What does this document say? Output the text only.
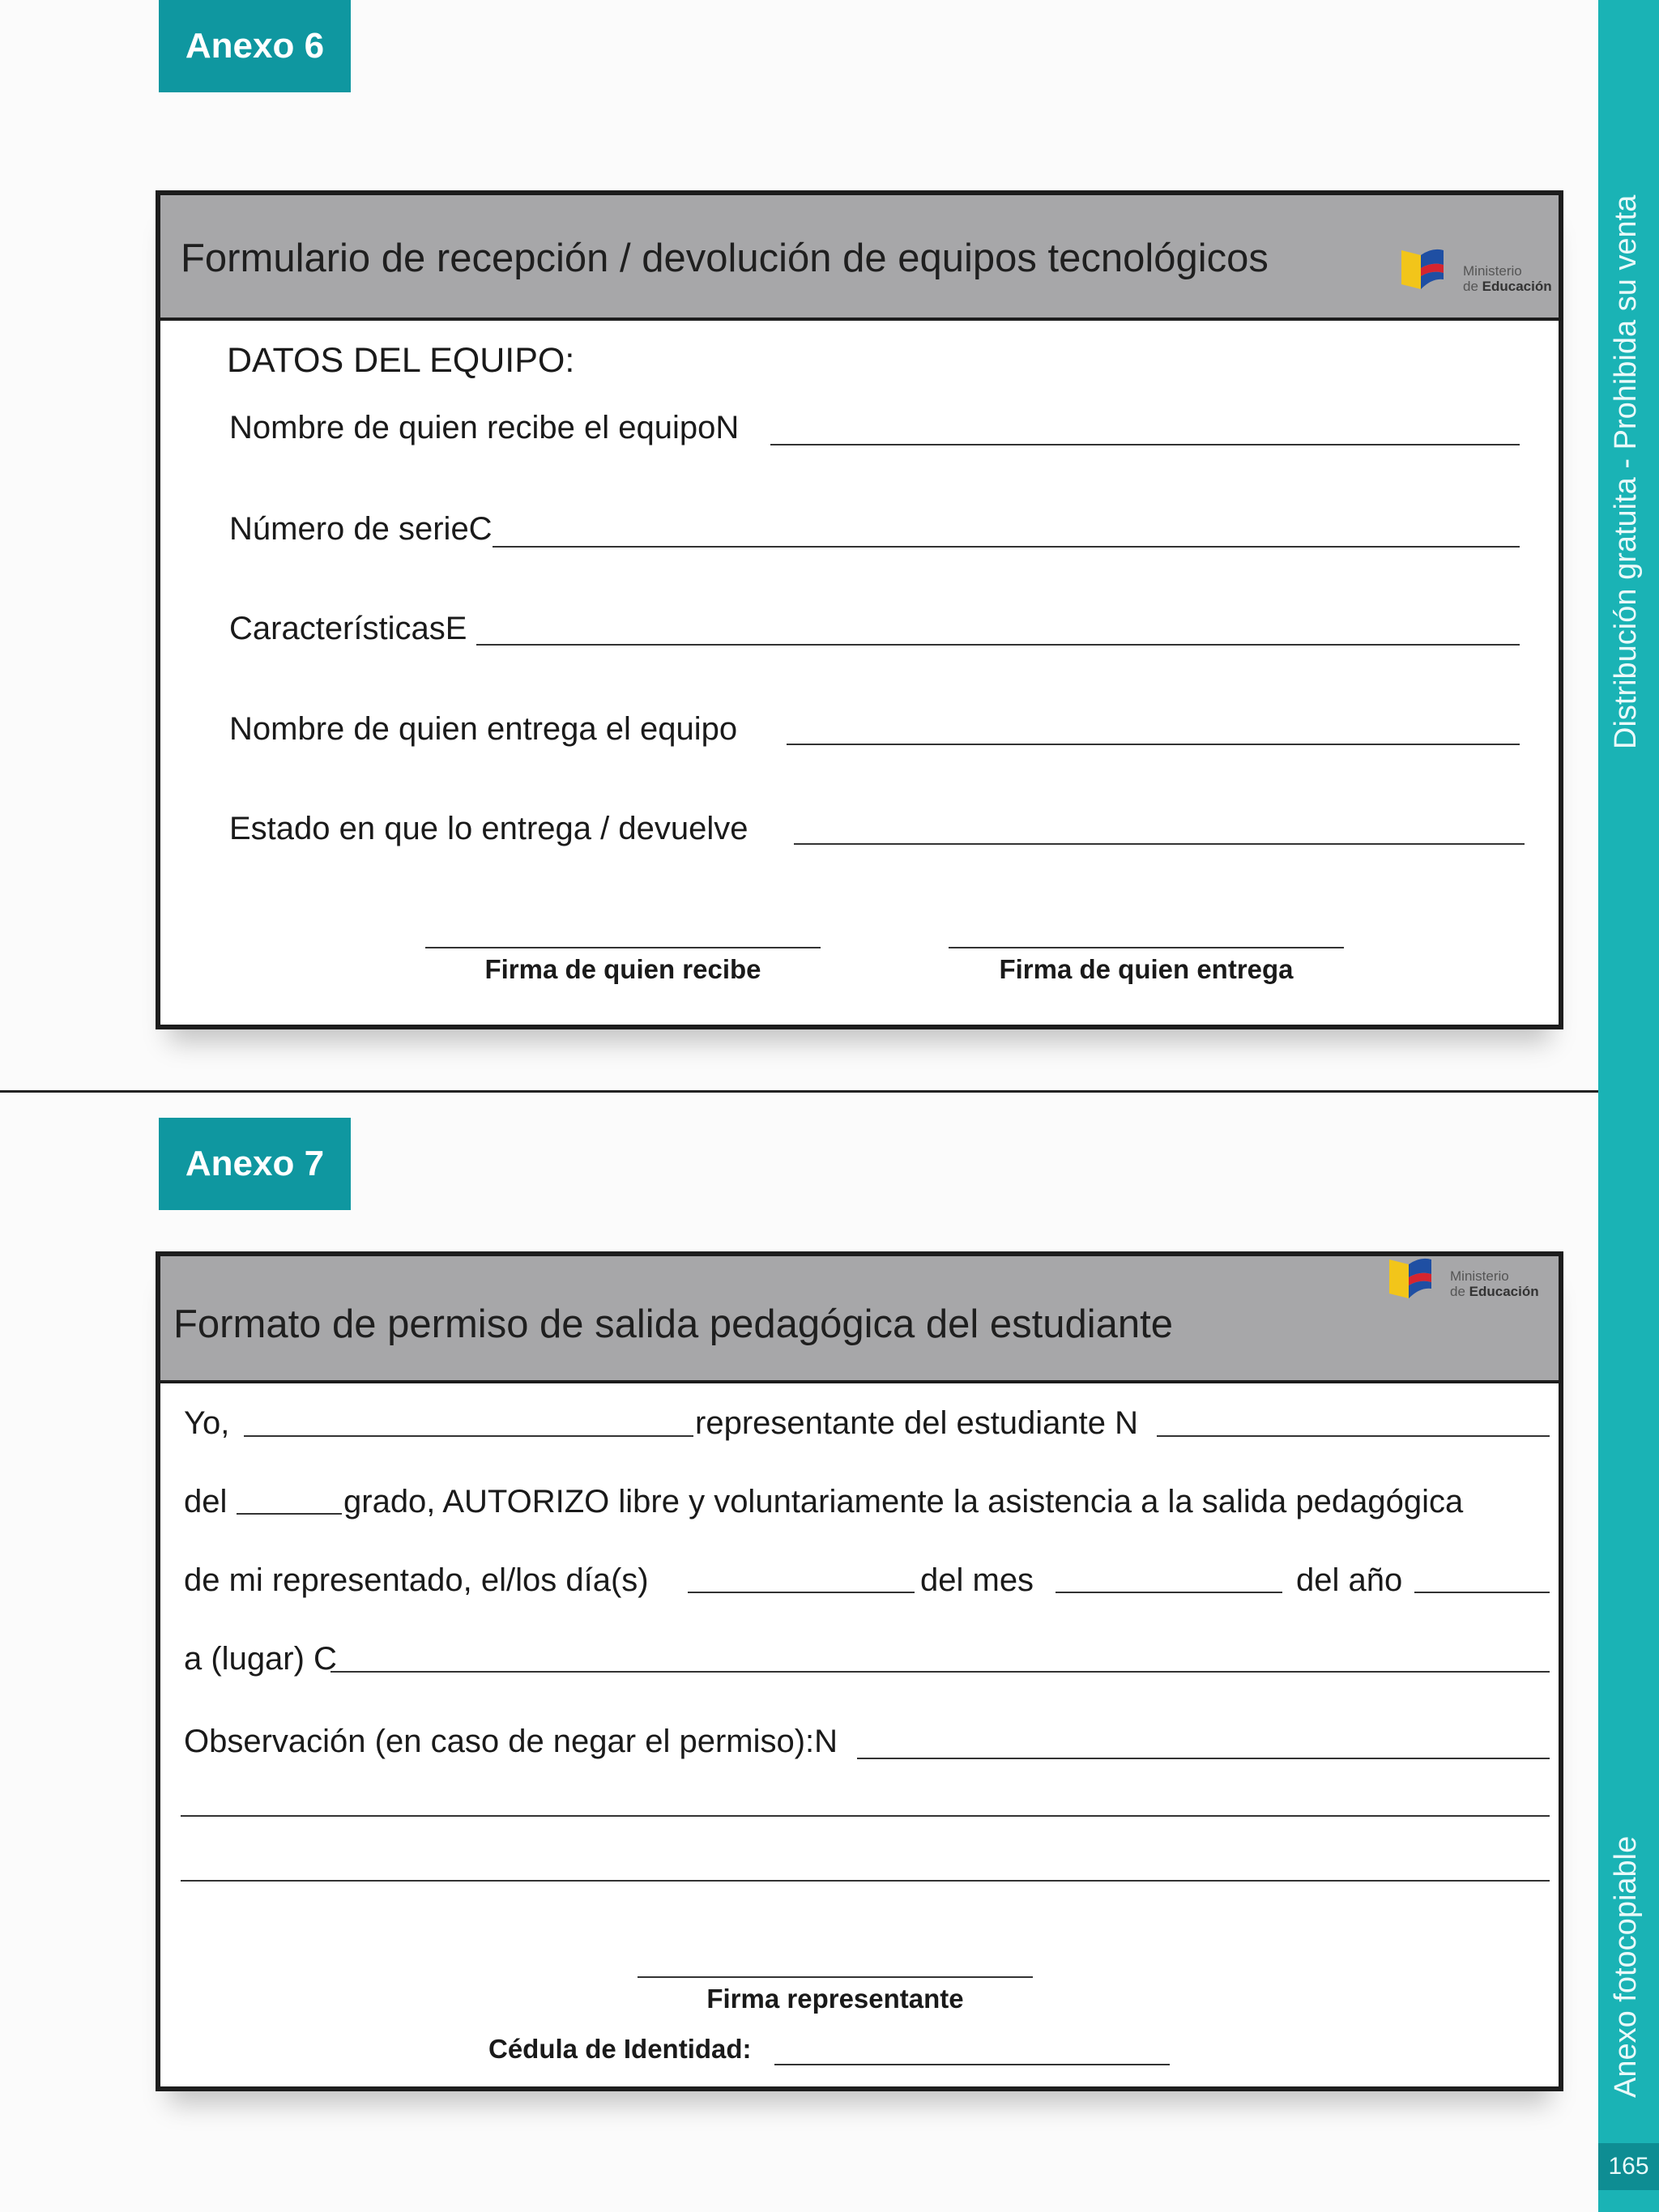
Distribución gratuita - Prohibida su venta
Anexo fotocopiable
165
Anexo 6
Formulario de recepción / devolución de equipos tecnológicos	Ministerio
de Educación
DATOS DEL EQUIPO:
Nombre de quien recibe el equipoN
Número de serieC
CaracterísticasE
Nombre de quien entrega el equipo
Estado en que lo entrega / devuelve
Firma de quien recibe	Firma de quien entrega
Anexo 7
Formato de permiso de salida pedagógica del estudiante
Ministerio
de Educación
Yo,	representante del estudiante N
del	grado, AUTORIZO libre y voluntariamente la asistencia a la salida pedagógica
de mi representado, el/los día(s)	del mes	del año
a (lugar) C
Observación (en caso de negar el permiso):N
Firma representante
Cédula de Identidad:
